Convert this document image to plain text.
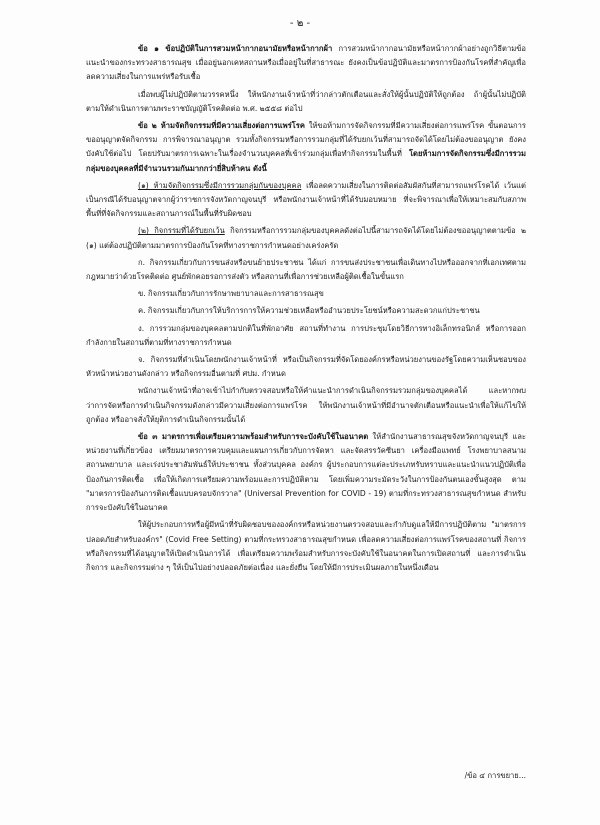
- ๒ -

ข้อ ๑ ข้อปฏิบัติในการสวมหน้ากากอนามัยหรือหน้ากากผ้า การสวมหน้ากากอนามัยหรือหน้ากากผ้าอย่างถูกวิธีตามข้อแนะนำของกระทรวงสาธารณสุข เมื่ออยู่นอกเคหสถานหรือเมื่ออยู่ในที่สาธารณะ ยังคงเป็นข้อปฏิบัติและมาตรการป้องกันโรคที่สำคัญเพื่อลดความเสี่ยงในการแพร่หรือรับเชื้อ

เมื่อพบผู้ไม่ปฏิบัติตามวรรคหนึ่ง ให้พนักงานเจ้าหน้าที่ว่ากล่าวตักเตือนและสั่งให้ผู้นั้นปฏิบัติให้ถูกต้อง ถ้าผู้นั้นไม่ปฏิบัติตามให้ดำเนินการตามพระราชบัญญัติโรคติดต่อ พ.ศ. ๒๕๕๘ ต่อไป

ข้อ ๒ ห้ามจัดกิจกรรมที่มีความเสี่ยงต่อการแพร่โรค ให้ขอห้ามการจัดกิจกรรมที่มีความเสี่ยงต่อการแพร่โรค ขั้นตอนการขออนุญาตจัดกิจกรรม การพิจารณาอนุญาต รวมทั้งกิจกรรมหรือการรวมกลุ่มที่ได้รับยกเว้นที่สามารถจัดได้โดยไม่ต้องขออนุญาต ยังคงบังคับใช้ต่อไป โดยปรับมาตรการเฉพาะในเรื่องจำนวนบุคคลที่เข้าร่วมกลุ่มเพื่อทำกิจกรรมในพื้นที่ โดยห้ามการจัดกิจกรรมซึ่งมีการรวมกลุ่มของบุคคลที่มีจำนวนรวมกันมากกว่ายี่สิบห้าคน ดังนี้

(๑) ห้ามจัดกิจกรรมซึ่งมีการรวมกลุ่มกันของบุคคล เพื่อลดความเสี่ยงในการติดต่อสัมผัสกันที่สามารถแพร่โรคได้ เว้นแต่เป็นกรณีได้รับอนุญาตจากผู้ว่าราชการจังหวัดกาญจนบุรี หรือพนักงานเจ้าหน้าที่ได้รับมอบหมาย ที่จะพิจารณาเพื่อให้เหมาะสมกับสภาพพื้นที่ที่จัดกิจกรรมและสถานการณ์ในพื้นที่รับผิดชอบ

(๒) กิจกรรมที่ได้รับยกเว้น กิจกรรมหรือการรวมกลุ่มของบุคคลดังต่อไปนี้สามารถจัดได้โดยไม่ต้องขออนุญาตตามข้อ ๒ (๑) แต่ต้องปฏิบัติตามมาตรการป้องกันโรคที่ทางราชการกำหนดอย่างเคร่งครัด

ก. กิจกรรมเกี่ยวกับการขนส่งหรือขนย้ายประชาชน ได้แก่ การขนส่งประชาชนเพื่อเดินทางไปหรือออกจากที่เอกเทศตามกฎหมายว่าด้วยโรคติดต่อ ศูนย์พักคอยรอการส่งตัว หรือสถานที่เพื่อการช่วยเหลือผู้ติดเชื้อในขั้นแรก

ข. กิจกรรมเกี่ยวกับการรักษาพยาบาลและการสาธารณสุข

ค. กิจกรรมเกี่ยวกับการให้บริการการให้ความช่วยเหลือหรืออำนวยประโยชน์หรือความสะดวกแก่ประชาชน

ง. การรวมกลุ่มของบุคคลตามปกติในที่พักอาศัย สถานที่ทำงาน การประชุมโดยวิธีการทางอิเล็กทรอนิกส์ หรือการออกกำลังกายในสถานที่ตามที่ทางราชการกำหนด

จ. กิจกรรมที่ดำเนินโดยพนักงานเจ้าหน้าที่ หรือเป็นกิจกรรมที่จัดโดยองค์กรหรือหน่วยงานของรัฐโดยความเห็นชอบของหัวหน้าหน่วยงานดังกล่าว หรือกิจกรรมอื่นตามที่ ศปม. กำหนด

พนักงานเจ้าหน้าที่อาจเข้าไปกำกับตรวจสอบหรือให้คำแนะนำการดำเนินกิจกรรมรวมกลุ่มของบุคคลได้ และหากพบว่าการจัดหรือการดำเนินกิจกรรมดังกล่าวมีความเสี่ยงต่อการแพร่โรค ให้พนักงานเจ้าหน้าที่มีอำนาจตักเตือนหรือแนะนำเพื่อให้แก้ไขให้ถูกต้อง หรืออาจสั่งให้ยุติการดำเนินกิจกรรมนั้นได้

ข้อ ๓ มาตรการเพื่อเตรียมความพร้อมสำหรับการจะบังคับใช้ในอนาคต ให้สำนักงานสาธารณสุขจังหวัดกาญจนบุรี และหน่วยงานที่เกี่ยวข้อง เตรียมมาตรการควบคุมและแผนการเกี่ยวกับการจัดหา และจัดสรรวัคซีนยา เครื่องมือแพทย์ โรงพยาบาลสนาม สถานพยาบาล และเร่งประชาสัมพันธ์ให้ประชาชน ทั้งส่วนบุคคล องค์กร ผู้ประกอบการแต่ละประเภทรับทราบและแนะนำแนวปฏิบัติเพื่อป้องกันการติดเชื้อ เพื่อให้เกิดการเตรียมความพร้อมและการปฏิบัติตาม โดยเพิ่มความระมัดระวังในการป้องกันตนเองขั้นสูงสุด ตาม "มาตรการป้องกันการติดเชื้อแบบครอบจักรวาล" (Universal Prevention for COVID - 19) ตามที่กระทรวงสาธารณสุขกำหนด สำหรับการจะบังคับใช้ในอนาคต

ให้ผู้ประกอบการหรือผู้มีหน้าที่รับผิดชอบขององค์กรหรือหน่วยงานตรวจสอบและกำกับดูแลให้มีการปฏิบัติตาม "มาตรการปลอดภัยสำหรับองค์กร" (Covid Free Setting) ตามที่กระทรวงสาธารณสุขกำหนด เพื่อลดความเสี่ยงต่อการแพร่โรคของสถานที่ กิจการ หรือกิจกรรมที่ได้อนุญาตให้เปิดดำเนินการได้ เพื่อเตรียมความพร้อมสำหรับการจะบังคับใช้ในอนาคตในการเปิดสถานที่ และการดำเนินกิจการ และกิจกรรมต่าง ๆ ให้เป็นไปอย่างปลอดภัยต่อเนื่อง และยั่งยืน โดยให้มีการประเมินผลภายในหนึ่งเดือน

/ข้อ ๔ การขยาย...
